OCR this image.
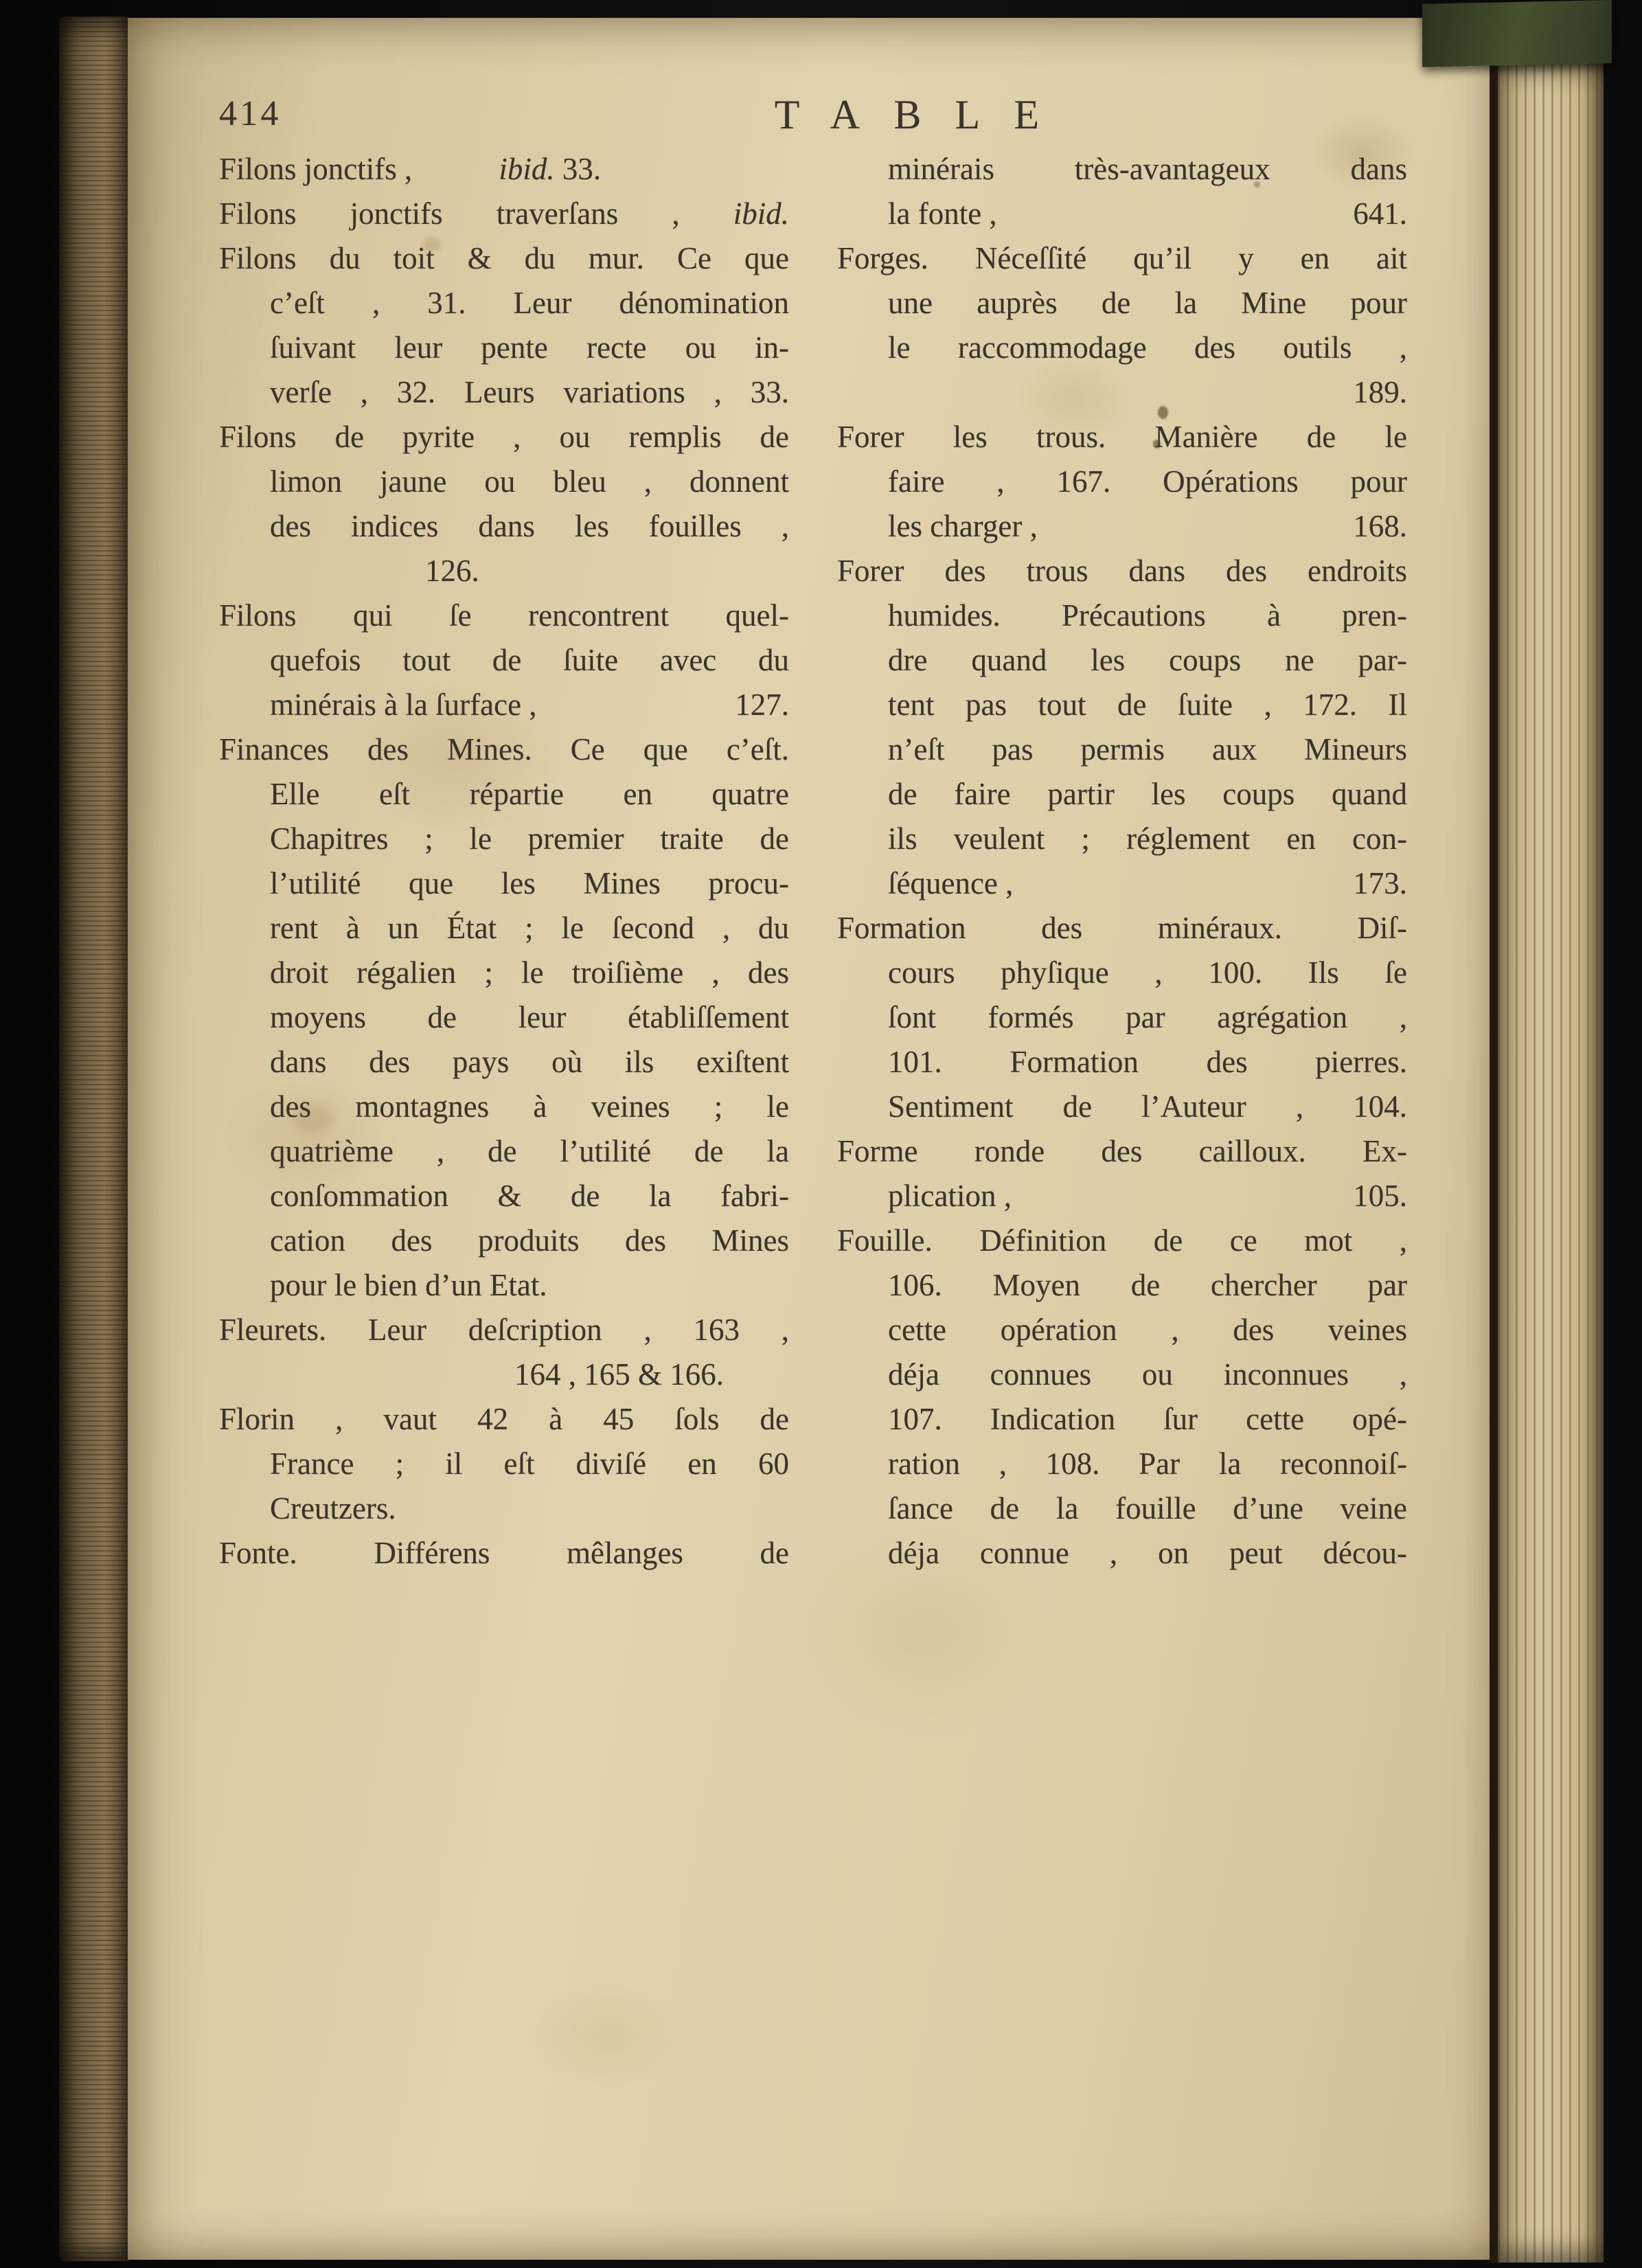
414	TABLE
Filons jonctifs ,	ibid. 33.
Filons jonctifs traverſans , ibid.
Filons du toit & du mur. Ce que
c’eſt , 31. Leur dénomination
ſuivant leur pente recte ou in-
verſe , 32. Leurs variations , 33.
Filons de pyrite , ou remplis de
limon jaune ou bleu , donnent
des indices dans les fouilles ,
126.
Filons qui ſe rencontrent quel-
quefois tout de ſuite avec du
minérais à la ſurface ,	127.
Finances des Mines. Ce que c’eſt.
Elle eſt répartie en quatre
Chapitres ; le premier traite de
l’utilité que les Mines procu-
rent à un État ; le ſecond , du
droit régalien ; le troiſième , des
moyens de leur établiſſement
dans des pays où ils exiſtent
des montagnes à veines ; le
quatrième , de l’utilité de la
conſommation & de la fabri-
cation des produits des Mines
pour le bien d’un Etat.
Fleurets. Leur deſcription , 163 ,
164 , 165 & 166.
Florin , vaut 42 à 45 ſols de
France ; il eſt diviſé en 60
Creutzers.
Fonte. Différens mêlanges de
minérais très-avantageux dans
la fonte ,	641.
Forges. Néceſſité qu’il y en ait
une auprès de la Mine pour
le raccommodage des outils ,
189.
Forer les trous. Manière de le
faire , 167. Opérations pour
les charger ,	168.
Forer des trous dans des endroits
humides. Précautions à pren-
dre quand les coups ne par-
tent pas tout de ſuite , 172. Il
n’eſt pas permis aux Mineurs
de faire partir les coups quand
ils veulent ; réglement en con-
ſéquence ,	173.
Formation des minéraux. Diſ-
cours phyſique , 100. Ils ſe
ſont formés par agrégation ,
101. Formation des pierres.
Sentiment de l’Auteur , 104.
Forme ronde des cailloux. Ex-
plication ,	105.
Fouille. Définition de ce mot ,
106. Moyen de chercher par
cette opération , des veines
déja connues ou inconnues ,
107. Indication ſur cette opé-
ration , 108. Par la reconnoiſ-
ſance de la fouille d’une veine
déja connue , on peut décou-
